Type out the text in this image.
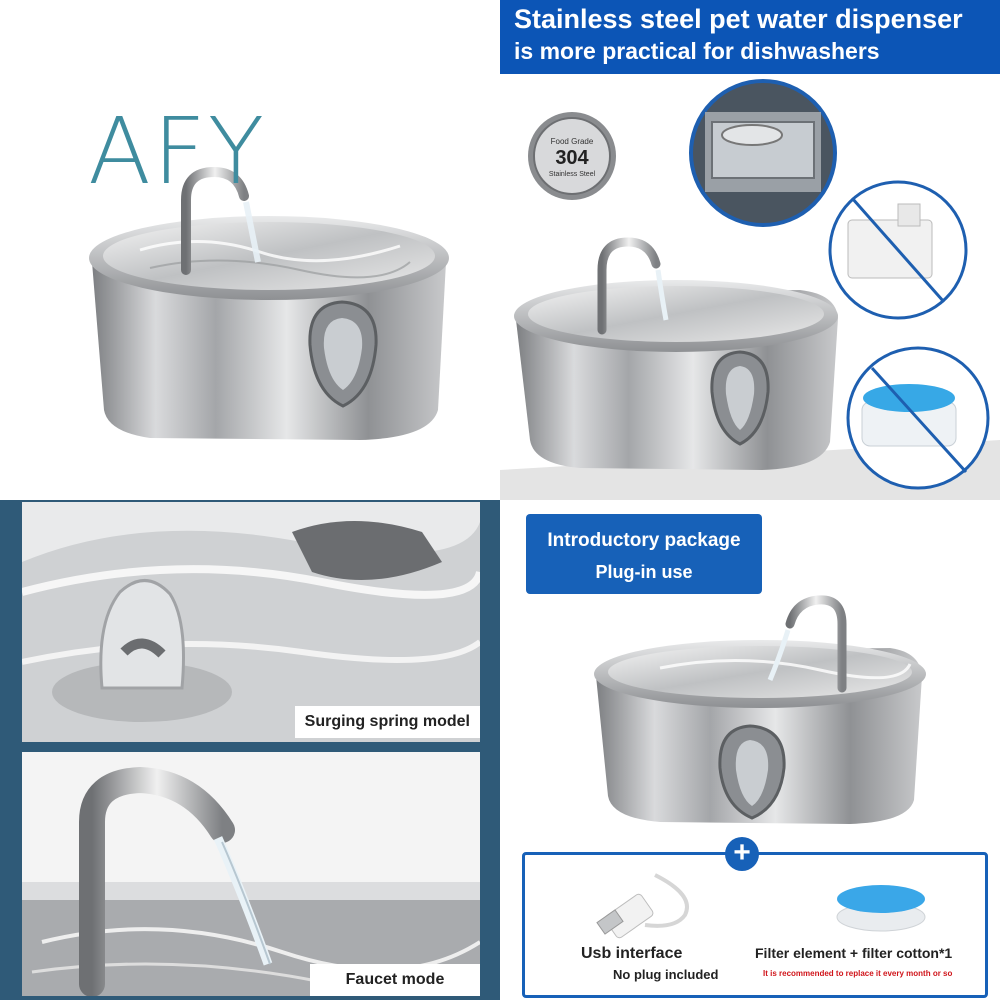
AFY
Stainless steel pet water dispenser
is more practical for dishwashers
Food Grade
304
Stainless Steel
Surging spring model
Faucet mode
Introductory package
Plug-in use
Usb interface
No plug included
Filter element + filter cotton*1
It is recommended to replace it every month or so
+
